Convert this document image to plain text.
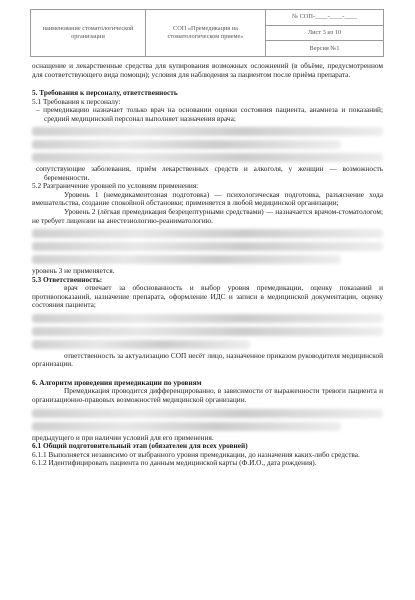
наименование стоматологической организации
СОП «Премедикация на стоматологическом приеме»
№ СОП-____-____-____
Лист 3 из 10
Версия №1

оснащение и лекарственные средства для купирования возможных осложнений (в объёме, предусмотренном для соответствующего вида помощи); условия для наблюдения за пациентом после приёма препарата.

5. Требования к персоналу, ответственность

5.1 Требования к персоналу:

– премедикацию назначает только врач на основании оценки состояния пациента, анамнеза и показаний; средний медицинский персонал выполняет назначения врача;

сопутствующие заболевания, приём лекарственных средств и алкоголя, у женщин — возможность беременности.

5.2 Разграничение уровней по условиям применения:

Уровень 1 (немедикаментозная подготовка) — психологическая подготовка, разъяснение хода вмешательства, создание спокойной обстановки; применяется в любой медицинской организации;

Уровень 2 (лёгкая премедикация безрецептурными средствами) — назначается врачом-стоматологом; не требует лицензии на анестезиологию-реаниматологию.

уровень 3 не применяется.

5.3 Ответственность:

врач отвечает за обоснованность и выбор уровня премедикации, оценку показаний и противопоказаний, назначение препарата, оформление ИДС и записи в медицинской документации, оценку состояния пациента;

ответственность за актуализацию СОП несёт лицо, назначенное приказом руководителя медицинской организации.

6. Алгоритм проведения премедикации по уровням

Премедикация проводится дифференцированно, в зависимости от выраженности тревоги пациента и организационно-правовых возможностей медицинской организации.

предыдущего и при наличии условий для его применения.

6.1 Общий подготовительный этап (обязателен для всех уровней)

6.1.1 Выполняется независимо от выбранного уровня премедикации, до назначения каких-либо средства.

6.1.2 Идентифицировать пациента по данным медицинской карты (Ф.И.О., дата рождения).
